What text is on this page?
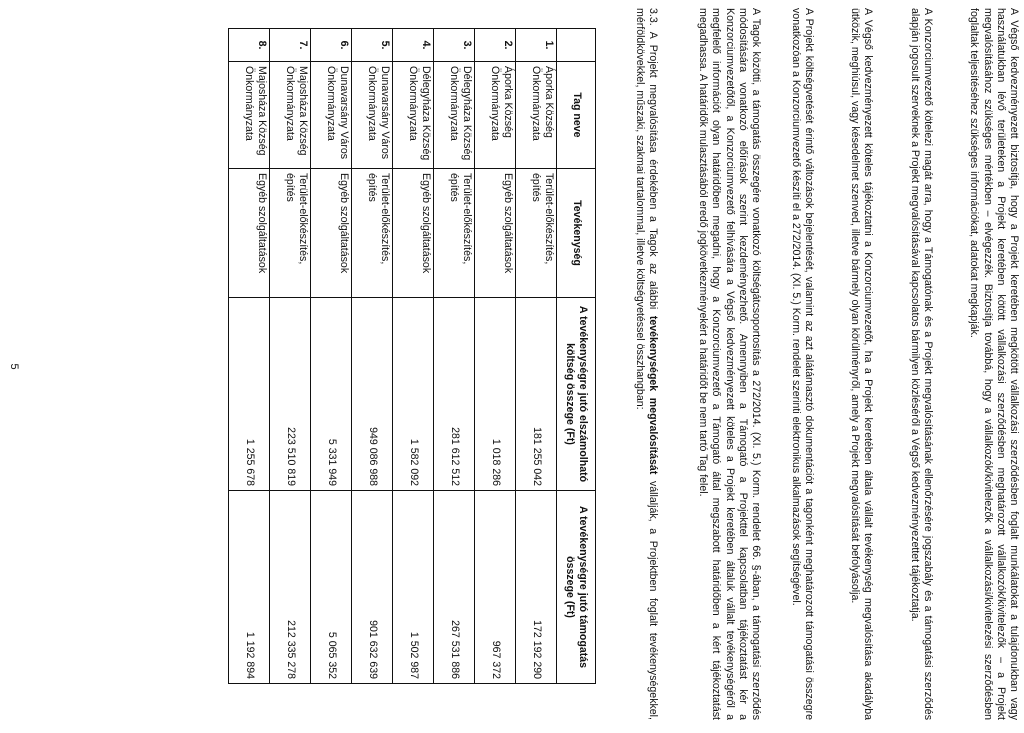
A Végső kedvezményezett biztosítja, hogy a Projekt keretében megkötött vállalkozási szerződésben foglalt munkálatokat a tulajdonukban vagy használatukban lévő területeken a Projekt keretében kötött vállalkozási szerződésben meghatározott vállalkozók/kivitelezők – a Projekt megvalósításához szükséges mértékben – elvégezzék. Biztosítja továbbá, hogy a vállalkozók/kivitelezők a vállalkozási/kivitelezési szerződésben foglaltak teljesítéséhez szükséges információkat, adatokat megkapják.

A Konzorciumvezető kötelezi magát arra, hogy a Támogatónak és a Projekt megvalósításának ellenőrzésére jogszabály és a támogatási szerződés alapján jogosult szerveknek a Projekt megvalósításával kapcsolatos bármilyen közléséről a Végső kedvezményezettet tájékoztatja.

A Végső kedvezményezett köteles tájékoztatni a Konzorciumvezetőt, ha a Projekt keretében általa vállalt tevékenység megvalósítása akadályba ütközik, meghiúsul, vagy késedelmet szenved, illetve bármely olyan körülményről, amely a Projekt megvalósítását befolyásolja.

A Projekt költségvetését érintő változások bejelentését, valamint az azt alátámasztó dokumentációt a tagonként meghatározott támogatási összegre vonatkozóan a Konzorciumvezető készíti el a 272/2014. (XI. 5.) Korm. rendelet szerinti elektronikus alkalmazások segítségével.

A Tagok közötti, a támogatás összegére vonatkozó költségátcsoportosítás a 272/2014. (XI. 5.) Korm. rendelet 66. §-ában, a támogatási szerződés módosítására vonatkozó előírások szerint kezdeményezhető. Amennyiben a Támogató a Projekttel kapcsolatban tájékoztatást kér a Konzorciumvezetőtől, a Konzorciumvezető felhívására a Végső kedvezményezett köteles a Projekt keretében általuk vállalt tevékenységéről a megfelelő információt olyan határidőben megadni, hogy a Konzorciumvezető a Támogató által megszabott határidőben a kért tájékoztatást megadhassa. A határidők mulasztásából eredő jogkövetkezményekért a határidőt be nem tartó Tag felel.

3.3. A Projekt megvalósítása érdekében a Tagok az alábbi tevékenységek megvalósítását vállalják, a Projektben foglalt tevékenységekkel, mérföldkövekkel, műszaki, szakmai tartalommal, illetve költségvetéssel összhangban:

	Tag neve	Tevékenység	A tevékenységre jutó elszámolható költség összege (Ft)	A tevékenységre jutó támogatás összege (Ft)
1.	Áporka Község Önkormányzata	Terület-előkészítés, építés	181 255 042	172 192 290
2.	Áporka Község Önkormányzata	Egyéb szolgáltatások	1 018 286	967 372
3.	Délegyháza Község Önkormányzata	Terület-előkészítés, építés	281 612 512	267 531 886
4.	Délegyháza Község Önkormányzata	Egyéb szolgáltatások	1 582 092	1 502 987
5.	Dunavarsány Város Önkormányzata	Terület-előkészítés, építés	949 086 988	901 632 639
6.	Dunavarsány Város Önkormányzata	Egyéb szolgáltatások	5 331 949	5 065 352
7.	Majosháza Község Önkormányzata	Terület-előkészítés, építés	223 510 819	212 335 278
8.	Majosháza Község Önkormányzata	Egyéb szolgáltatások	1 255 678	1 192 894
5
